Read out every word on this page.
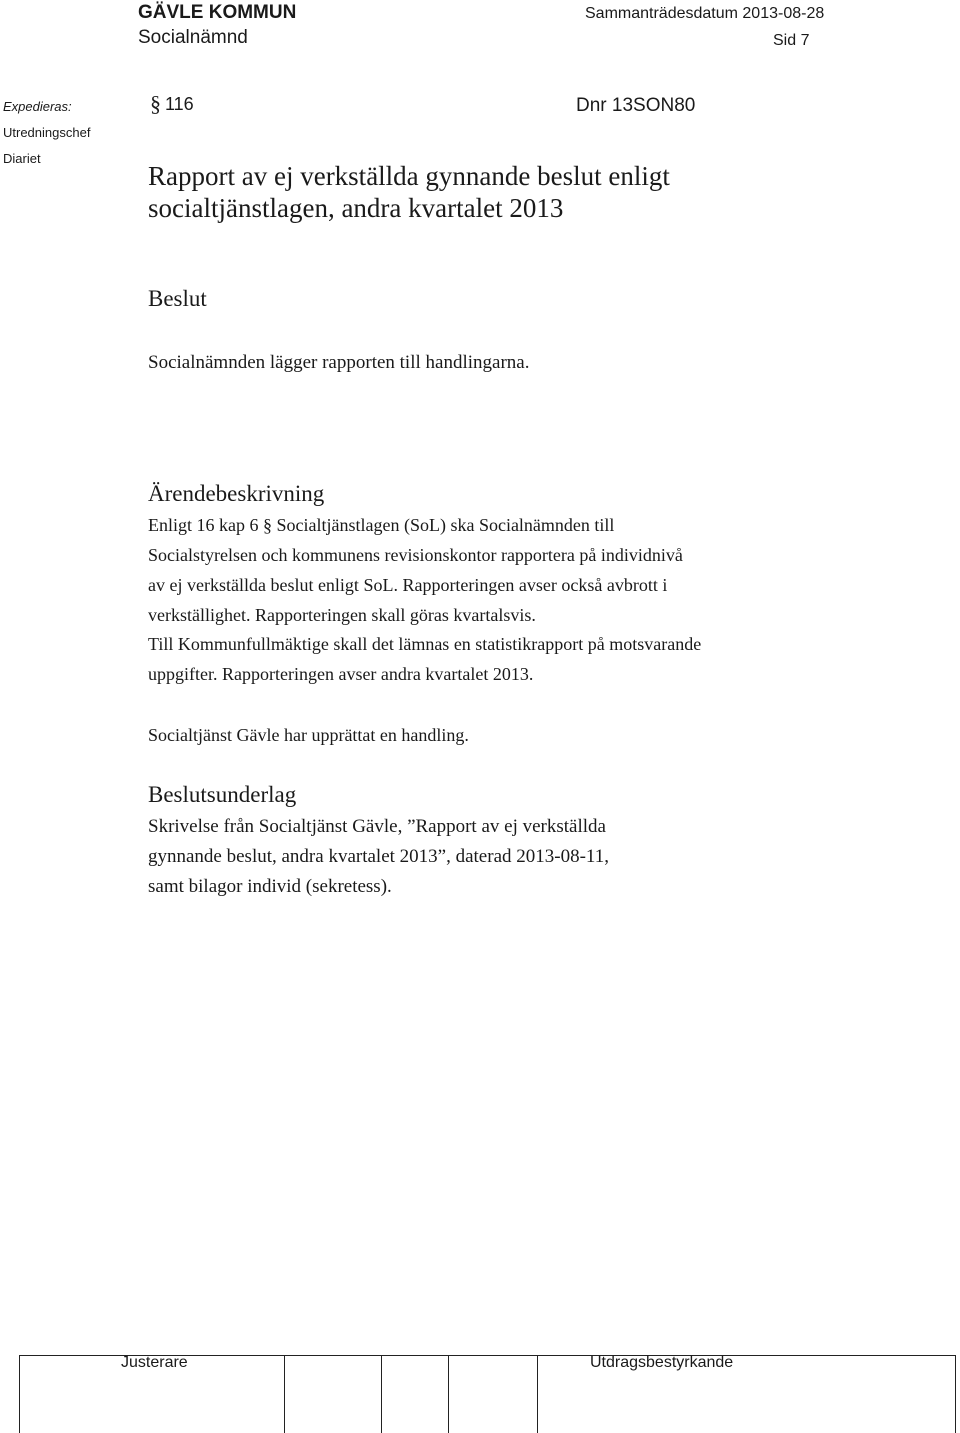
GÄVLE KOMMUN
Socialnämnd
Sammanträdesdatum 2013-08-28
Sid 7
Expedieras:
Utredningschef
Diariet
§ 116	Dnr 13SON80
Rapport av ej verkställda gynnande beslut enligt socialtjänstlagen, andra kvartalet 2013
Beslut
Socialnämnden lägger rapporten till handlingarna.
Ärendebeskrivning
Enligt 16 kap 6 § Socialtjänstlagen (SoL) ska Socialnämnden till
Socialstyrelsen och kommunens revisionskontor rapportera på individnivå
av ej verkställda beslut enligt SoL. Rapporteringen avser också avbrott i
verkställighet. Rapporteringen skall göras kvartalsvis.
Till Kommunfullmäktige skall det lämnas en statistikrapport på motsvarande
uppgifter. Rapporteringen avser andra kvartalet 2013.
Socialtjänst Gävle har upprättat en handling.
Beslutsunderlag
Skrivelse från Socialtjänst Gävle, ”Rapport av ej verkställda
gynnande beslut, andra kvartalet 2013”, daterad 2013-08-11,
samt bilagor individ (sekretess).
Justerare	Utdragsbestyrkande
